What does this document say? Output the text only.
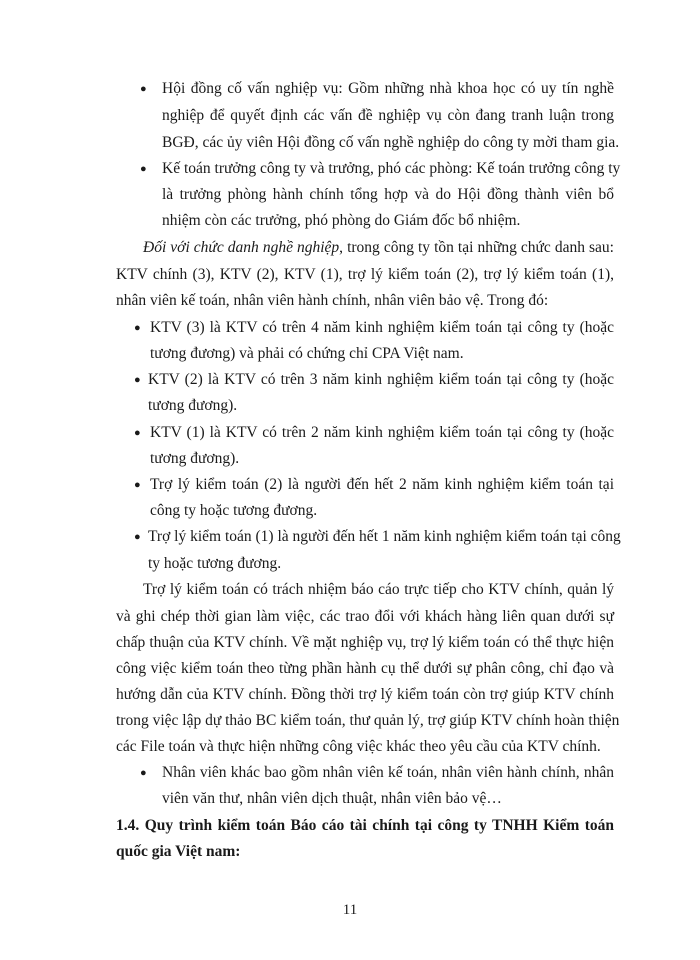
● Hội đồng cố vấn nghiệp vụ: Gồm những nhà khoa học có uy tín nghề
nghiệp để quyết định các vấn đề nghiệp vụ còn đang tranh luận trong
BGĐ, các ủy viên Hội đồng cố vấn nghề nghiệp do công ty mời tham gia.
● Kế toán trưởng công ty và trưởng, phó các phòng: Kế toán trưởng công ty
là trưởng phòng hành chính tổng hợp và do Hội đồng thành viên bổ
nhiệm còn các trưởng, phó phòng do Giám đốc bổ nhiệm.
Đối với chức danh nghề nghiệp, trong công ty tồn tại những chức danh sau:
KTV chính (3), KTV (2), KTV (1), trợ lý kiểm toán (2), trợ lý kiểm toán (1),
nhân viên kế toán, nhân viên hành chính, nhân viên bảo vệ. Trong đó:
● KTV (3) là KTV có trên 4 năm kinh nghiệm kiểm toán tại công ty (hoặc
tương đương) và phải có chứng chỉ CPA Việt nam.
● KTV (2) là KTV có trên 3 năm kinh nghiệm kiểm toán tại công ty (hoặc
tương đương).
● KTV (1) là KTV có trên 2 năm kinh nghiệm kiểm toán tại công ty (hoặc
tương đương).
● Trợ lý kiểm toán (2) là người đến hết 2 năm kinh nghiệm kiểm toán tại
công ty hoặc tương đương.
● Trợ lý kiểm toán (1) là người đến hết 1 năm kinh nghiệm kiểm toán tại công
ty hoặc tương đương.
Trợ lý kiểm toán có trách nhiệm báo cáo trực tiếp cho KTV chính, quản lý
và ghi chép thời gian làm việc, các trao đổi với khách hàng liên quan dưới sự
chấp thuận của KTV chính. Về mặt nghiệp vụ, trợ lý kiểm toán có thể thực hiện
công việc kiểm toán theo từng phần hành cụ thể dưới sự phân công, chỉ đạo và
hướng dẫn của KTV chính. Đồng thời trợ lý kiểm toán còn trợ giúp KTV chính
trong việc lập dự thảo BC kiểm toán, thư quản lý, trợ giúp KTV chính hoàn thiện
các File toán và thực hiện những công việc khác theo yêu cầu của KTV chính.
● Nhân viên khác bao gồm nhân viên kế toán, nhân viên hành chính, nhân
viên văn thư, nhân viên dịch thuật, nhân viên bảo vệ…
1.4. Quy trình kiểm toán Báo cáo tài chính tại công ty TNHH Kiểm toán
quốc gia Việt nam:
11
